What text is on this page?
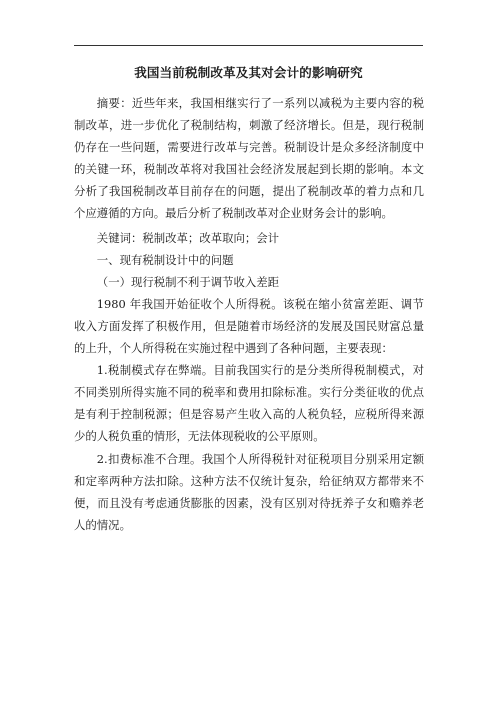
我国当前税制改革及其对会计的影响研究

摘要：近些年来，我国相继实行了一系列以减税为主要内容的税制改革，进一步优化了税制结构，刺激了经济增长。但是，现行税制仍存在一些问题，需要进行改革与完善。税制设计是众多经济制度中的关键一环，税制改革将对我国社会经济发展起到长期的影响。本文分析了我国税制改革目前存在的问题，提出了税制改革的着力点和几个应遵循的方向。最后分析了税制改革对企业财务会计的影响。

关键词：税制改革；改革取向；会计

一、现有税制设计中的问题

（一）现行税制不利于调节收入差距

1980 年我国开始征收个人所得税。该税在缩小贫富差距、调节收入方面发挥了积极作用，但是随着市场经济的发展及国民财富总量的上升，个人所得税在实施过程中遇到了各种问题，主要表现：

1.税制模式存在弊端。目前我国实行的是分类所得税制模式，对不同类别所得实施不同的税率和费用扣除标准。实行分类征收的优点是有利于控制税源；但是容易产生收入高的人税负轻，应税所得来源少的人税负重的情形，无法体现税收的公平原则。

2.扣费标准不合理。我国个人所得税针对征税项目分别采用定额和定率两种方法扣除。这种方法不仅统计复杂，给征纳双方都带来不便，而且没有考虑通货膨胀的因素，没有区别对待抚养子女和赡养老人的情况。
